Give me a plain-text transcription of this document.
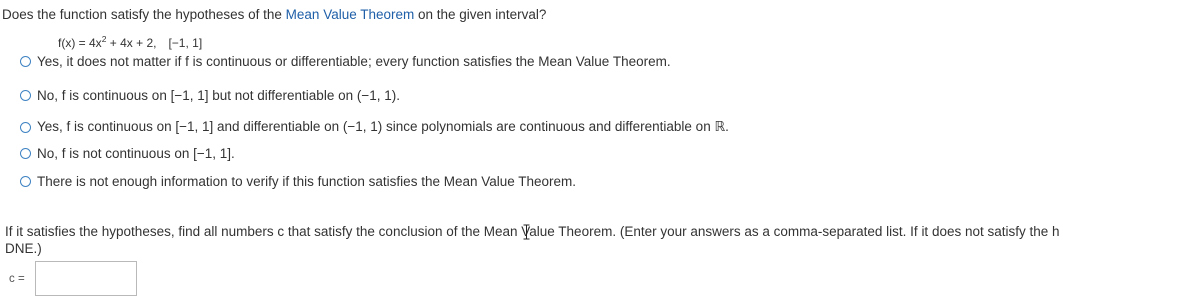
Does the function satisfy the hypotheses of the Mean Value Theorem on the given interval?
$f(x) = 4x^2 + 4x + 2$, [−1, 1]
Yes, it does not matter if f is continuous or differentiable; every function satisfies the Mean Value Theorem.
No, f is continuous on [−1, 1] but not differentiable on (−1, 1).
Yes, f is continuous on [−1, 1] and differentiable on (−1, 1) since polynomials are continuous and differentiable on ℝ.
No, f is not continuous on [−1, 1].
There is not enough information to verify if this function satisfies the Mean Value Theorem.
If it satisfies the hypotheses, find all numbers c that satisfy the conclusion of the Mean Value Theorem. (Enter your answers as a comma-separated list. If it does not satisfy the h
DNE.)
c =
